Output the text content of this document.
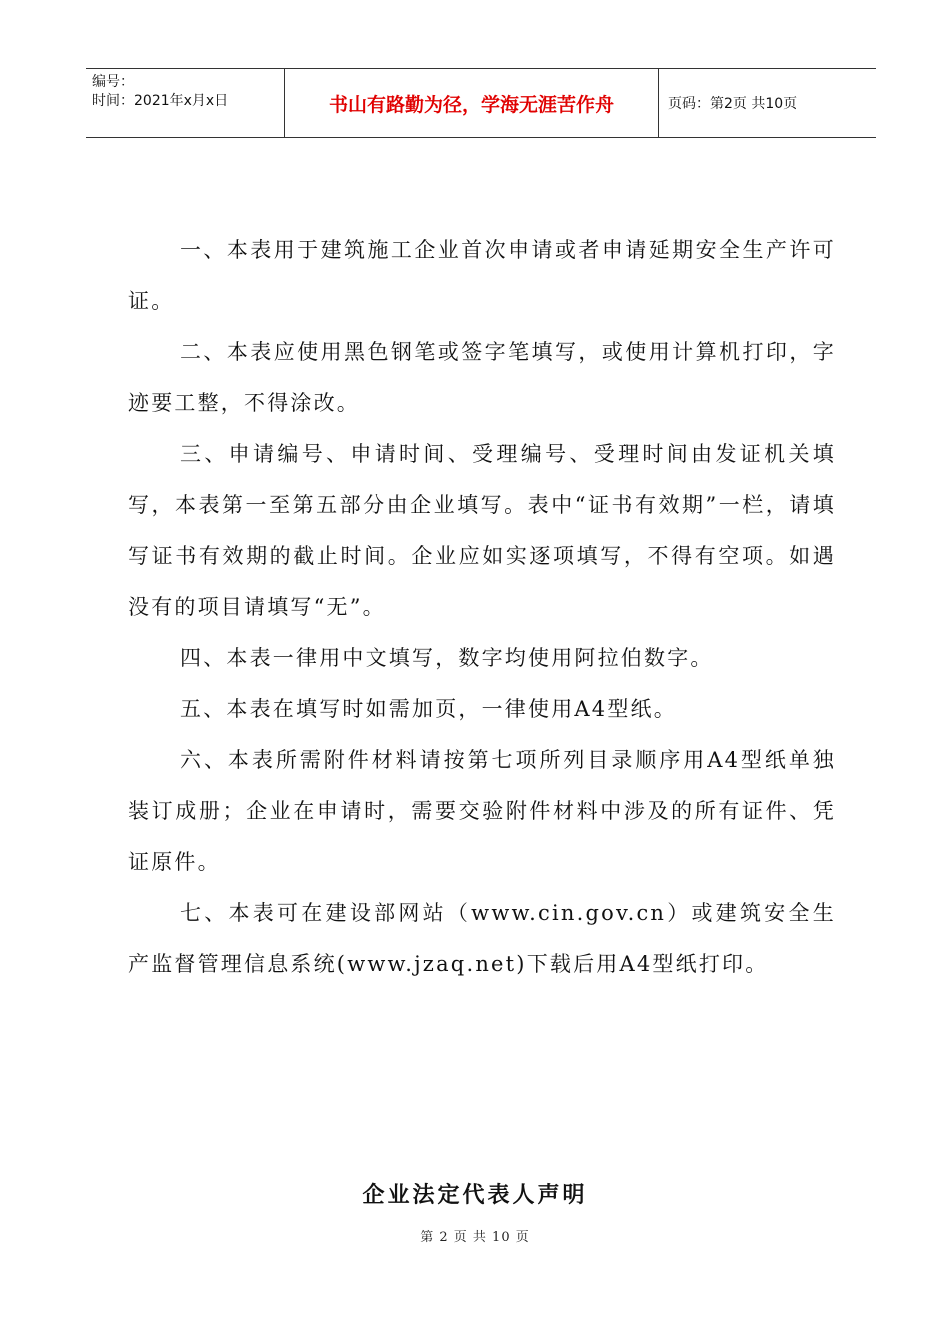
编号：
时间：2021年x月x日	书山有路勤为径，学海无涯苦作舟	页码：第2页 共10页

一、本表用于建筑施工企业首次申请或者申请延期安全生产许可证。

二、本表应使用黑色钢笔或签字笔填写，或使用计算机打印，字迹要工整，不得涂改。

三、申请编号、申请时间、受理编号、受理时间由发证机关填写，本表第一至第五部分由企业填写。表中“证书有效期”一栏，请填写证书有效期的截止时间。企业应如实逐项填写，不得有空项。如遇没有的项目请填写“无”。

四、本表一律用中文填写，数字均使用阿拉伯数字。

五、本表在填写时如需加页，一律使用A4型纸。

六、本表所需附件材料请按第七项所列目录顺序用A4型纸单独装订成册；企业在申请时，需要交验附件材料中涉及的所有证件、凭证原件。

七、本表可在建设部网站（www.cin.gov.cn）或建筑安全生产监督管理信息系统(www.jzaq.net)下载后用A4型纸打印。

企业法定代表人声明
第 2 页 共 10 页
